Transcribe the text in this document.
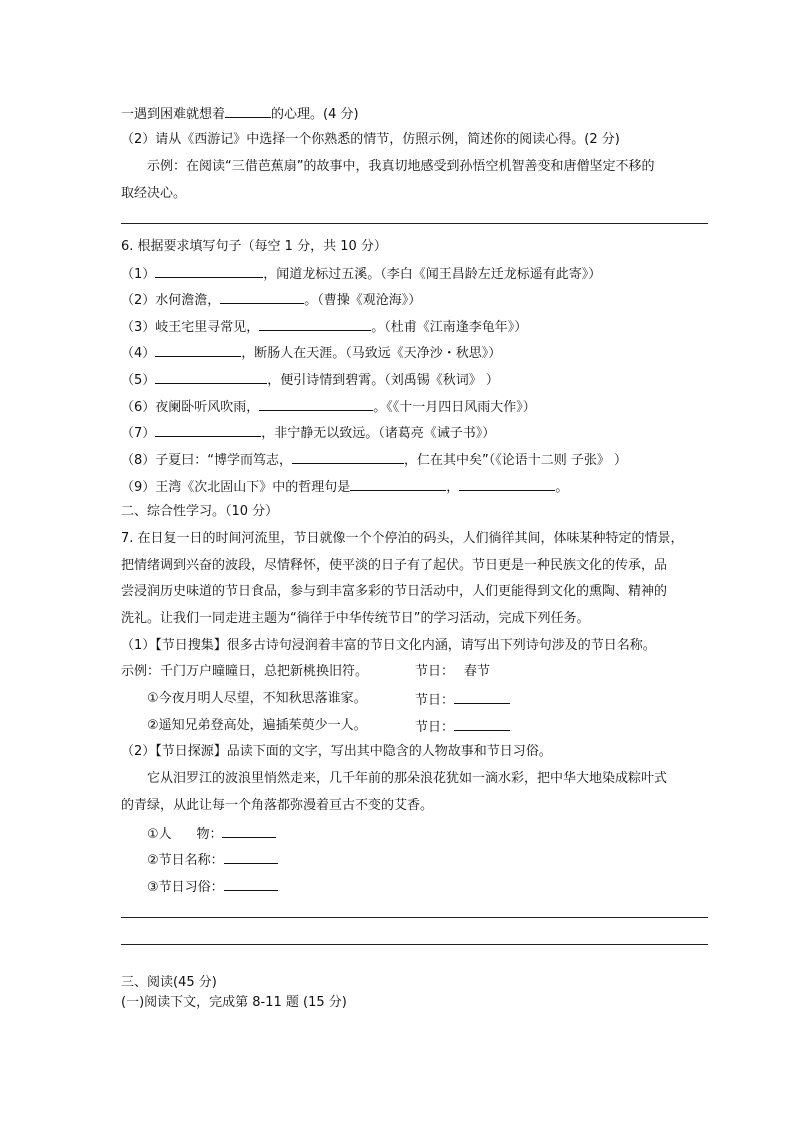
一遇到困难就想着	的心理。(4 分)
（2）请从《西游记》中选择一个你熟悉的情节，仿照示例，简述你的阅读心得。(2 分)
示例：在阅读“三借芭蕉扇”的故事中，我真切地感受到孙悟空机智善变和唐僧坚定不移的
取经决心。
6. 根据要求填写句子（每空 1 分，共 10 分）
（1）	，闻道龙标过五溪。（李白《闻王昌龄左迁龙标遥有此寄》）
（2）水何澹澹，	。（曹操《观沧海》）
（3）岐王宅里寻常见，	。（杜甫《江南逢李龟年》）
（4）	，断肠人在天涯。（马致远《天净沙・秋思》）
（5）	，便引诗情到碧霄。（刘禹锡《秋词》 ）
（6）夜阑卧听风吹雨，	。《《十一月四日风雨大作》）
（7）	，非宁静无以致远。（诸葛亮《诫子书》）
（8）子夏曰：“博学而笃志，	，仁在其中矣”（《论语十二则 子张》 ）
（9）王湾《次北固山下》中的哲理句是	，	。
二、综合性学习。（10 分）
7. 在日复一日的时间河流里，节日就像一个个停泊的码头，人们徜徉其间，体味某种特定的情景，
把情绪调到兴奋的波段，尽情释怀，使平淡的日子有了起伏。节日更是一种民族文化的传承，品
尝浸润历史味道的节日食品，参与到丰富多彩的节日活动中，人们更能得到文化的熏陶、精神的
洗礼。让我们一同走进主题为“徜徉于中华传统节日”的学习活动，完成下列任务。
（1）【节日搜集】很多古诗句浸润着丰富的节日文化内涵，请写出下列诗句涉及的节日名称。
示例：千门万户曈曈日，总把新桃换旧符。	节日： 春节
①今夜月明人尽望，不知秋思落谁家。	节日：
②遥知兄弟登高处，遍插茱萸少一人。	节日：
（2）【节日探源】品读下面的文字，写出其中隐含的人物故事和节日习俗。
它从汨罗江的波浪里悄然走来，几千年前的那朵浪花犹如一滴水彩，把中华大地染成粽叶式
的青绿，从此让每一个角落都弥漫着亘古不变的艾香。
①人      物：
②节日名称：
③节日习俗：
三、阅读(45 分)
(一)阅读下文，完成第 8-11 题 (15 分)
